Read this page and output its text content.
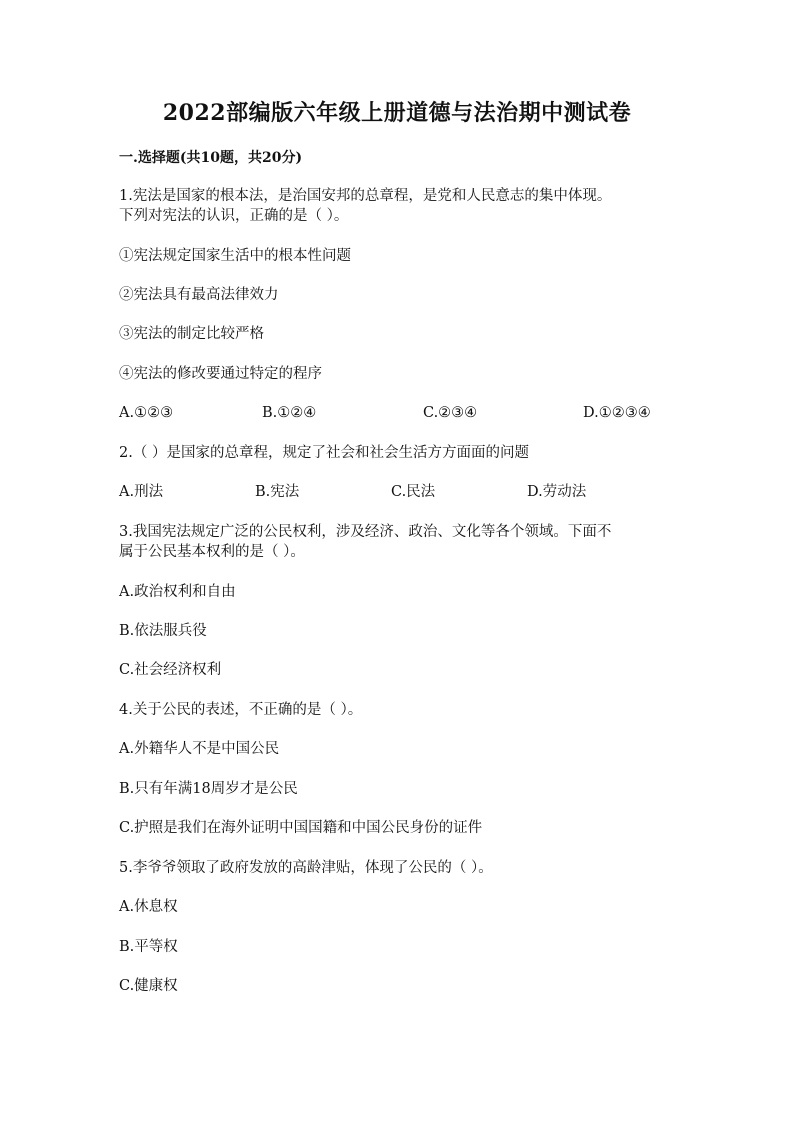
2022部编版六年级上册道德与法治期中测试卷
一.选择题(共10题，共20分)
1.宪法是国家的根本法，是治国安邦的总章程，是党和人民意志的集中体现。
下列对宪法的认识，正确的是（ ）。
①宪法规定国家生活中的根本性问题
②宪法具有最高法律效力
③宪法的制定比较严格
④宪法的修改要通过特定的程序
A.①②③	B.①②④	C.②③④	D.①②③④
2.（ ）是国家的总章程，规定了社会和社会生活方方面面的问题
A.刑法	B.宪法	C.民法	D.劳动法
3.我国宪法规定广泛的公民权利，涉及经济、政治、文化等各个领域。下面不
属于公民基本权利的是（ ）。
A.政治权利和自由
B.依法服兵役
C.社会经济权利
4.关于公民的表述，不正确的是（ ）。
A.外籍华人不是中国公民
B.只有年满18周岁才是公民
C.护照是我们在海外证明中国国籍和中国公民身份的证件
5.李爷爷领取了政府发放的高龄津贴，体现了公民的（ ）。
A.休息权
B.平等权
C.健康权
